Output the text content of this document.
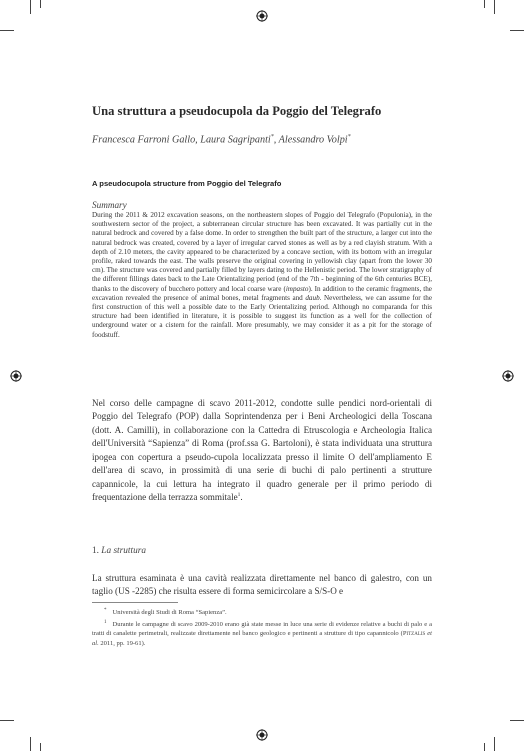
Una struttura a pseudocupola da Poggio del Telegrafo
Francesca Farroni Gallo, Laura Sagripanti*, Alessandro Volpi*
A pseudocupola structure from Poggio del Telegrafo
Summary

During the 2011 & 2012 excavation seasons, on the northeastern slopes of Poggio del Telegrafo (Populonia), in the southwestern sector of the project, a subterranean circular structure has been excavated. It was partially cut in the natural bedrock and covered by a false dome. In order to strengthen the built part of the structure, a larger cut into the natural bedrock was created, covered by a layer of irregular carved stones as well as by a red clayish stratum. With a depth of 2.10 meters, the cavity appeared to be characterized by a concave section, with its bottom with an irregular profile, raked towards the east. The walls preserve the original covering in yellowish clay (apart from the lower 30 cm). The structure was covered and partially filled by layers dating to the Hellenistic period. The lower stratigraphy of the different fillings dates back to the Late Orientalizing period (end of the 7th - beginning of the 6th centuries BCE), thanks to the discovery of bucchero pottery and local coarse ware (impasto). In addition to the ceramic fragments, the excavation revealed the presence of animal bones, metal fragments and daub. Nevertheless, we can assume for the first construction of this well a possible date to the Early Orientalizing period. Although no comparanda for this structure had been identified in literature, it is possible to suggest its function as a well for the collection of underground water or a cistern for the rainfall. More presumably, we may consider it as a pit for the storage of foodstuff.

Nel corso delle campagne di scavo 2011-2012, condotte sulle pendici nord-orientali di Poggio del Telegrafo (POP) dalla Soprintendenza per i Beni Archeologici della Toscana (dott. A. Camilli), in collaborazione con la Cattedra di Etruscologia e Archeologia Italica dell'Università “Sapienza” di Roma (prof.ssa G. Bartoloni), è stata individuata una struttura ipogea con copertura a pseudo-cupola localizzata presso il limite O dell'ampliamento E dell'area di scavo, in prossimità di una serie di buchi di palo pertinenti a strutture capannicole, la cui lettura ha integrato il quadro generale per il primo periodo di frequentazione della terrazza sommitale$^1$.

1. La struttura

La struttura esaminata è una cavità realizzata direttamente nel banco di galestro, con un taglio (US -2285) che risulta essere di forma semicircolare a S/S-O e

* Università degli Studi di Roma “Sapienza”.

$^1$ Durante le campagne di scavo 2009-2010 erano già state messe in luce una serie di evidenze relative a buchi di palo e a tratti di canalette perimetrali, realizzate direttamente nel banco geologico e pertinenti a strutture di tipo capannicolo (Pitzalis et al. 2011, pp. 19-61).
